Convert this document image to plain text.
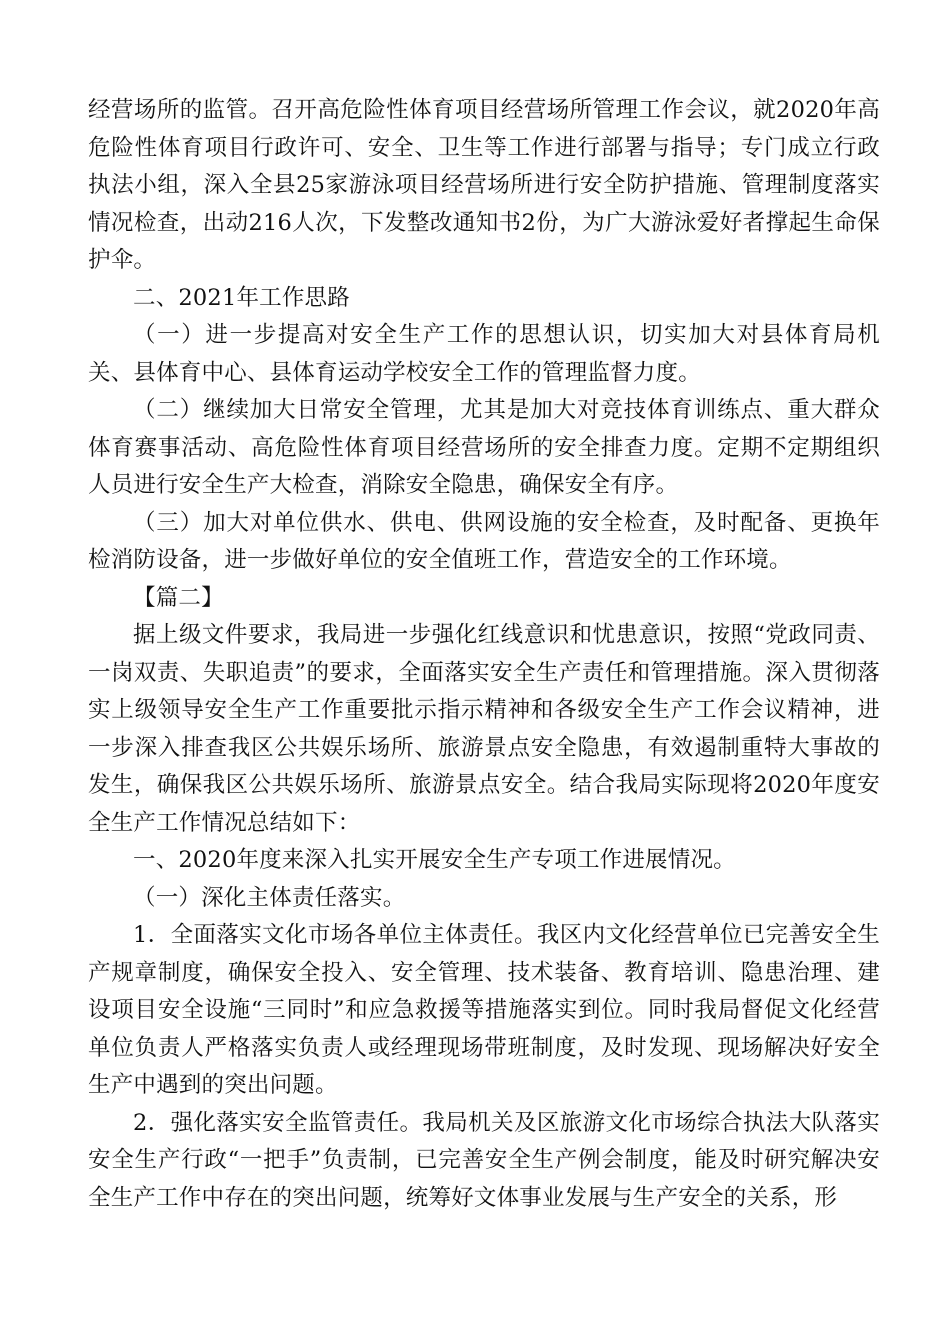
经营场所的监管。召开高危险性体育项目经营场所管理工作会议，就2020年高危险性体育项目行政许可、安全、卫生等工作进行部署与指导；专门成立行政执法小组，深入全县25家游泳项目经营场所进行安全防护措施、管理制度落实情况检查，出动216人次，下发整改通知书2份，为广大游泳爱好者撑起生命保护伞。

二、2021年工作思路

（一）进一步提高对安全生产工作的思想认识，切实加大对县体育局机关、县体育中心、县体育运动学校安全工作的管理监督力度。

（二）继续加大日常安全管理，尤其是加大对竞技体育训练点、重大群众体育赛事活动、高危险性体育项目经营场所的安全排查力度。定期不定期组织人员进行安全生产大检查，消除安全隐患，确保安全有序。

（三）加大对单位供水、供电、供网设施的安全检查，及时配备、更换年检消防设备，进一步做好单位的安全值班工作，营造安全的工作环境。

【篇二】

据上级文件要求，我局进一步强化红线意识和忧患意识，按照“党政同责、一岗双责、失职追责”的要求，全面落实安全生产责任和管理措施。深入贯彻落实上级领导安全生产工作重要批示指示精神和各级安全生产工作会议精神，进一步深入排查我区公共娱乐场所、旅游景点安全隐患，有效遏制重特大事故的发生，确保我区公共娱乐场所、旅游景点安全。结合我局实际现将2020年度安全生产工作情况总结如下：

一、2020年度来深入扎实开展安全生产专项工作进展情况。

（一）深化主体责任落实。

1．全面落实文化市场各单位主体责任。我区内文化经营单位已完善安全生产规章制度，确保安全投入、安全管理、技术装备、教育培训、隐患治理、建设项目安全设施“三同时”和应急救援等措施落实到位。同时我局督促文化经营单位负责人严格落实负责人或经理现场带班制度，及时发现、现场解决好安全生产中遇到的突出问题。

2．强化落实安全监管责任。我局机关及区旅游文化市场综合执法大队落实安全生产行政“一把手”负责制，已完善安全生产例会制度，能及时研究解决安全生产工作中存在的突出问题，统筹好文体事业发展与生产安全的关系，形
